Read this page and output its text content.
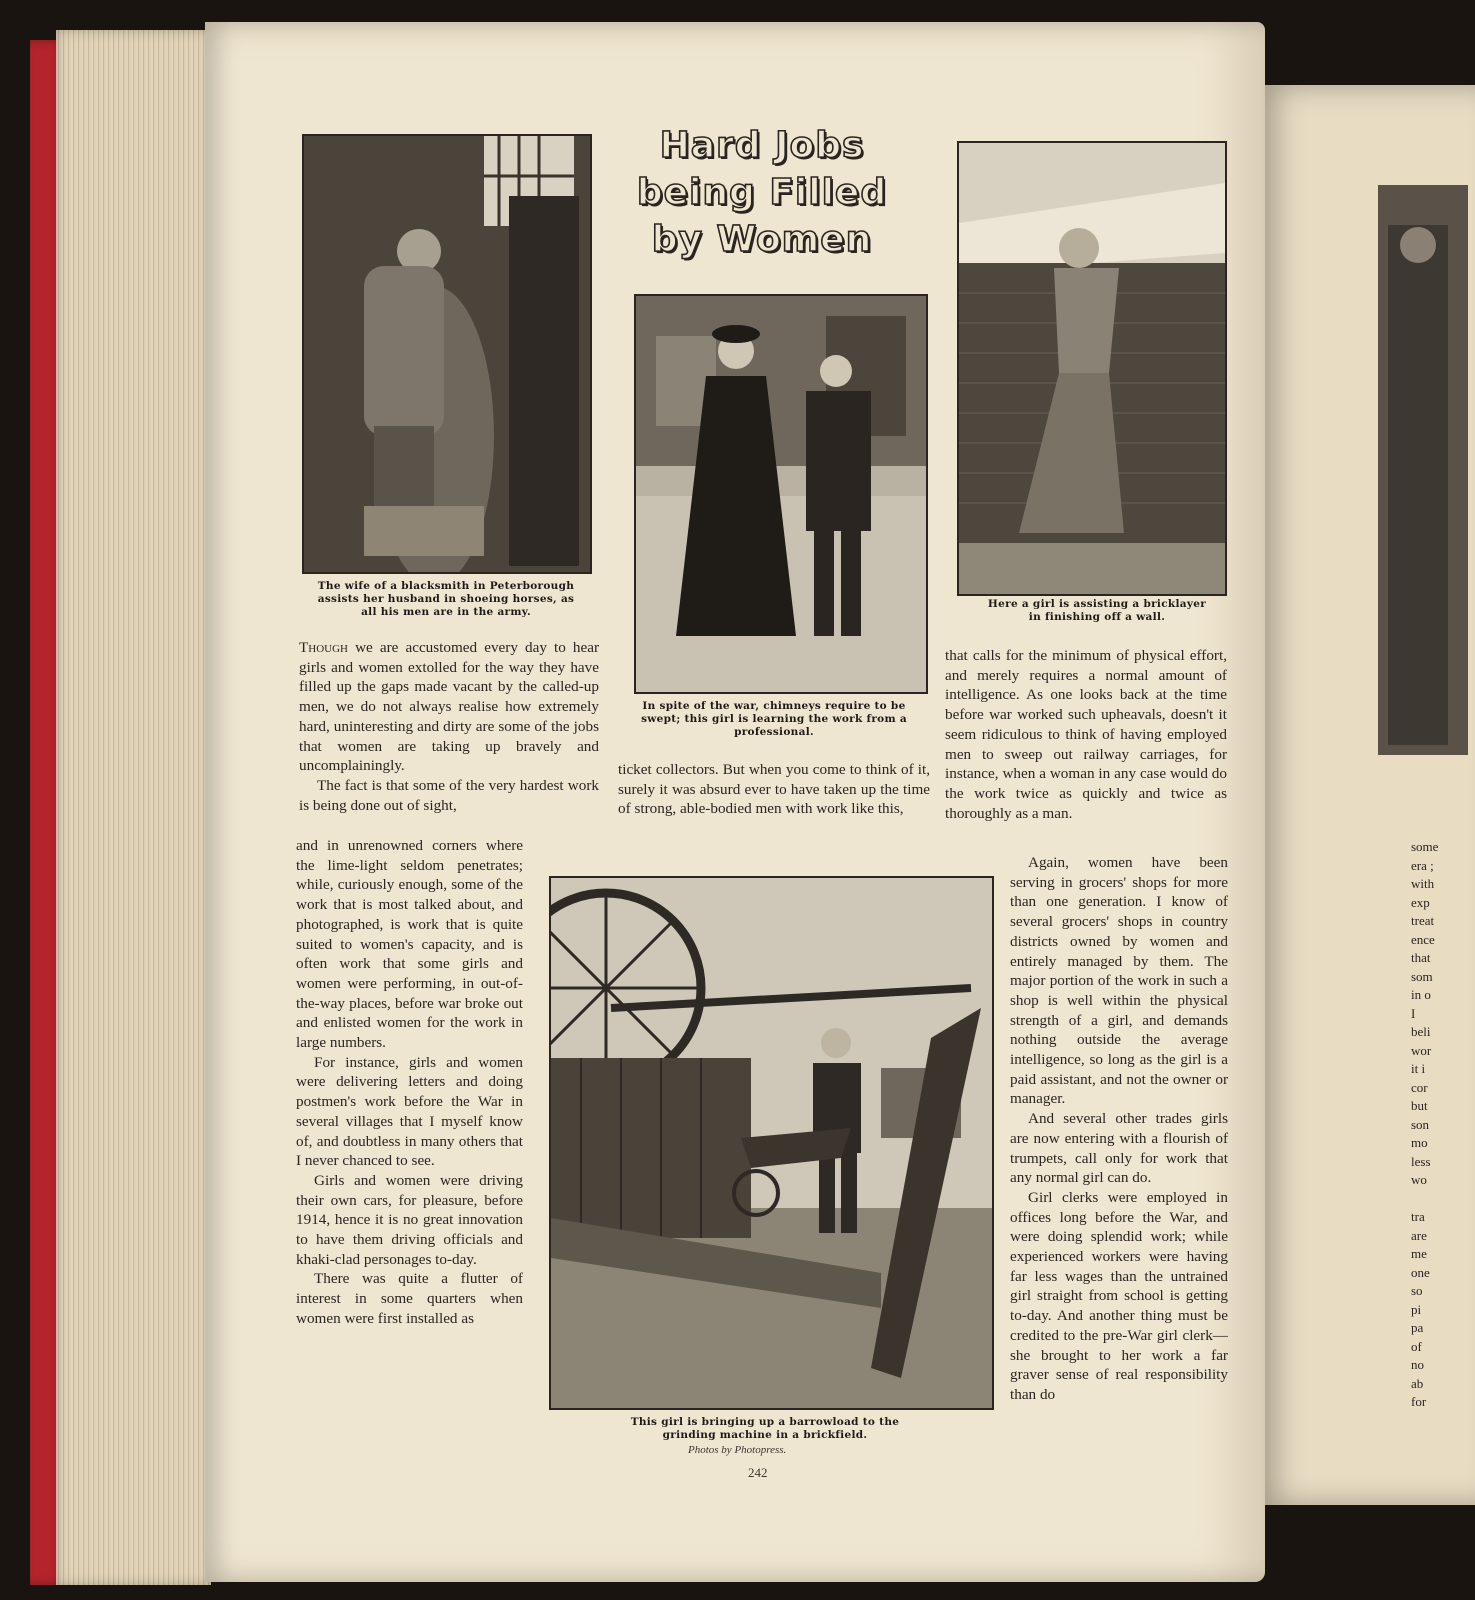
Hard Jobs
being Filled
by Women
The wife of a blacksmith in Peterborough assists her husband in shoeing horses, as all his men are in the army.
In spite of the war, chimneys require to be swept; this girl is learning the work from a professional.
Here a girl is assisting a bricklayer in finishing off a wall.
This girl is bringing up a barrowload to the grinding machine in a brickfield.

Though we are accustomed every day to hear girls and women extolled for the way they have filled up the gaps made vacant by the called-up men, we do not always realise how extremely hard, uninteresting and dirty are some of the jobs that women are taking up bravely and uncomplainingly.

The fact is that some of the very hardest work is being done out of sight,

and in unrenowned corners where the lime-light seldom penetrates; while, curiously enough, some of the work that is most talked about, and photographed, is work that is quite suited to women's capacity, and is often work that some girls and women were performing, in out-of-the-way places, before war broke out and enlisted women for the work in large numbers.

For instance, girls and women were delivering letters and doing postmen's work before the War in several villages that I myself know of, and doubtless in many others that I never chanced to see.

Girls and women were driving their own cars, for pleasure, before 1914, hence it is no great innovation to have them driving officials and khaki-clad personages to-day.

There was quite a flutter of interest in some quarters when women were first installed as

ticket collectors. But when you come to think of it, surely it was absurd ever to have taken up the time of strong, able-bodied men with work like this,

that calls for the minimum of physical effort, and merely requires a normal amount of intelligence. As one looks back at the time before war worked such upheavals, doesn't it seem ridiculous to think of having employed men to sweep out railway carriages, for instance, when a woman in any case would do the work twice as quickly and twice as thoroughly as a man.

Again, women have been serving in grocers' shops for more than one generation. I know of several grocers' shops in country districts owned by women and entirely managed by them. The major portion of the work in such a shop is well within the physical strength of a girl, and demands nothing outside the average intelligence, so long as the girl is a paid assistant, and not the owner or manager.

And several other trades girls are now entering with a flourish of trumpets, call only for work that any normal girl can do.

Girl clerks were employed in offices long before the War, and were doing splendid work; while experienced workers were having far less wages than the untrained girl straight from school is getting to-day. And another thing must be credited to the pre-War girl clerk—she brought to her work a far graver sense of real responsibility than do

Photos by Photopress.
242
some
era ;
with
exp
treat
ence
that
som
in o
I
beli
wor
it i
cor
but
son
mo
less
wo
tra
are
me
one
so
pi
pa
of
no
ab
for
